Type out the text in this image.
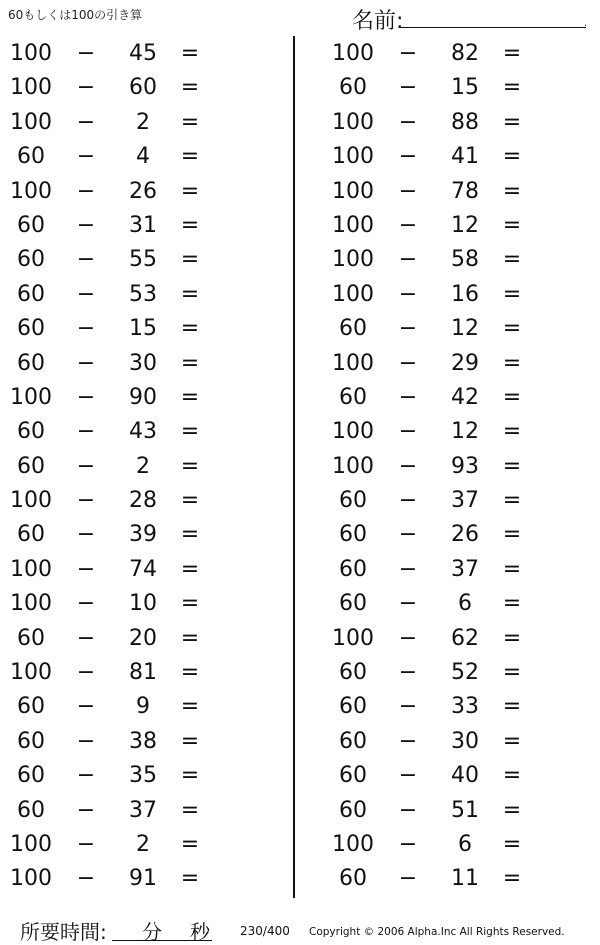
60もしくは100の引き算	名前:	.
100	−	45	=
100	−	60	=
100	−	2	=
60	−	4	=
100	−	26	=
60	−	31	=
60	−	55	=
60	−	53	=
60	−	15	=
60	−	30	=
100	−	90	=
60	−	43	=
60	−	2	=
100	−	28	=
60	−	39	=
100	−	74	=
100	−	10	=
60	−	20	=
100	−	81	=
60	−	9	=
60	−	38	=
60	−	35	=
60	−	37	=
100	−	2	=
100	−	91	=
100	−	82	=
60	−	15	=
100	−	88	=
100	−	41	=
100	−	78	=
100	−	12	=
100	−	58	=
100	−	16	=
60	−	12	=
100	−	29	=
60	−	42	=
100	−	12	=
100	−	93	=
60	−	37	=
60	−	26	=
60	−	37	=
60	−	6	=
100	−	62	=
60	−	52	=
60	−	33	=
60	−	30	=
60	−	40	=
60	−	51	=
100	−	6	=
60	−	11	=
所要時間: 分 秒	230/400 Copyright © 2006 Alpha.Inc All Rights Reserved.
